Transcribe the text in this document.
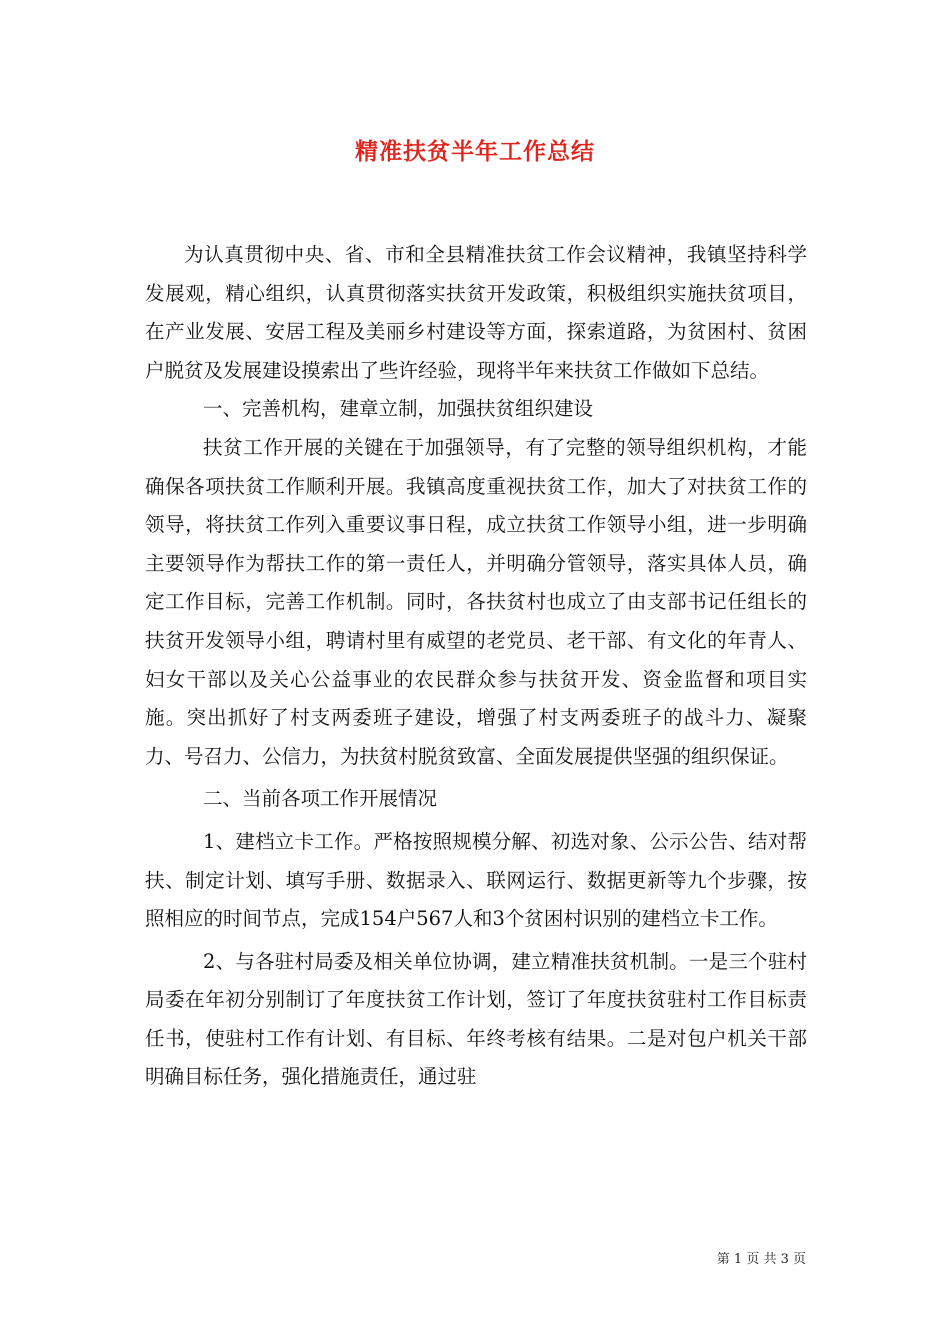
精准扶贫半年工作总结

为认真贯彻中央、省、市和全县精准扶贫工作会议精神，我镇坚持科学发展观，精心组织，认真贯彻落实扶贫开发政策，积极组织实施扶贫项目，在产业发展、安居工程及美丽乡村建设等方面，探索道路，为贫困村、贫困户脱贫及发展建设摸索出了些许经验，现将半年来扶贫工作做如下总结。

一、完善机构，建章立制，加强扶贫组织建设

扶贫工作开展的关键在于加强领导，有了完整的领导组织机构，才能确保各项扶贫工作顺利开展。我镇高度重视扶贫工作，加大了对扶贫工作的领导，将扶贫工作列入重要议事日程，成立扶贫工作领导小组，进一步明确主要领导作为帮扶工作的第一责任人，并明确分管领导，落实具体人员，确定工作目标，完善工作机制。同时，各扶贫村也成立了由支部书记任组长的扶贫开发领导小组，聘请村里有威望的老党员、老干部、有文化的年青人、妇女干部以及关心公益事业的农民群众参与扶贫开发、资金监督和项目实施。突出抓好了村支两委班子建设，增强了村支两委班子的战斗力、凝聚力、号召力、公信力，为扶贫村脱贫致富、全面发展提供坚强的组织保证。

二、当前各项工作开展情况

1、建档立卡工作。严格按照规模分解、初选对象、公示公告、结对帮扶、制定计划、填写手册、数据录入、联网运行、数据更新等九个步骤，按照相应的时间节点，完成154户567人和3个贫困村识别的建档立卡工作。

2、与各驻村局委及相关单位协调，建立精准扶贫机制。一是三个驻村局委在年初分别制订了年度扶贫工作计划，签订了年度扶贫驻村工作目标责任书，使驻村工作有计划、有目标、年终考核有结果。二是对包户机关干部明确目标任务，强化措施责任，通过驻

第 1 页 共 3 页
